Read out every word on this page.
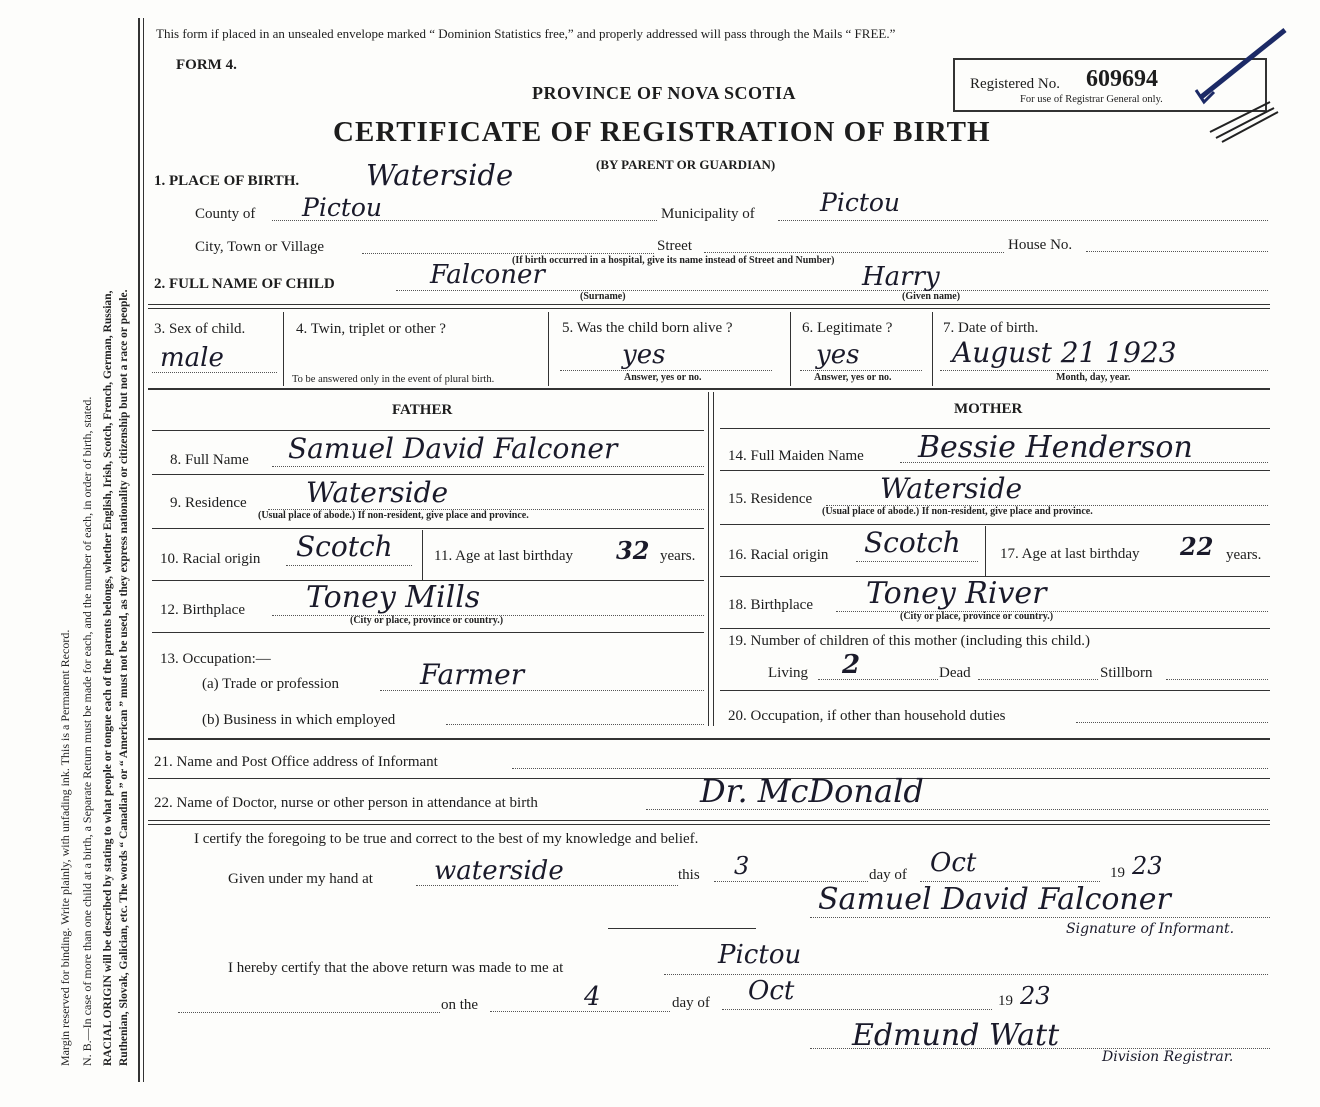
Margin reserved for binding. Write plainly, with unfading ink. This is a Permanent Record. N. B.—In case of more than one child at a birth, a Separate Return must be made for each, and the number of each, in order of birth, stated. RACIAL ORIGIN will be described by stating to what people or tongue each of the parents belongs, whether English, Irish, Scotch, French, German, Russian, Ruthenian, Slovak, Galician, etc. The words “ Canadian ” or “ American ” must not be used, as they express nationality or citizenship but not a race or people.
This form if placed in an unsealed envelope marked “ Dominion Statistics free,” and properly addressed will pass through the Mails “ FREE.”
FORM 4.
PROVINCE OF NOVA SCOTIA
CERTIFICATE OF REGISTRATION OF BIRTH
(BY PARENT OR GUARDIAN)
Registered No. 609694
For use of Registrar General only.
1. PLACE OF BIRTH. Waterside
County of Pictou	Municipality of	Pictou
City, Town or Village	Street	House No.
(If birth occurred in a hospital, give its name instead of Street and Number)
2. FULL NAME OF CHILD	Falconer
(Surname)
Harry
(Given name)
3. Sex of child.
male
4. Twin, triplet or other ?
To be answered only in the event of plural birth.
5. Was the child born alive ?
yes
Answer, yes or no.
6. Legitimate ?
yes
Answer, yes or no.
7. Date of birth.
August 21 1923
Month, day, year.
FATHER	MOTHER
8. Full Name Samuel David Falconer
9. Residence Waterside
(Usual place of abode.) If non-resident, give place and province.
10. Racial origin Scotch	11. Age at last birthday 32 years.
12. Birthplace Toney Mills
(City or place, province or country.)
13. Occupation:—
(a) Trade or profession	Farmer
(b) Business in which employed
14. Full Maiden Name Bessie Henderson
15. Residence Waterside
(Usual place of abode.) If non-resident, give place and province.
16. Racial origin Scotch	17. Age at last birthday 22 years.
18. Birthplace Toney River
(City or place, province or country.)
19. Number of children of this mother (including this child.)
Living 2	Dead	Stillborn
20. Occupation, if other than household duties
21. Name and Post Office address of Informant
22. Name of Doctor, nurse or other person in attendance at birth	Dr. McDonald
I certify the foregoing to be true and correct to the best of my knowledge and belief.
Given under my hand at waterside	this 3	day of Oct	19 23
Samuel David Falconer
Signature of Informant.
I hereby certify that the above return was made to me at	Pictou
on the	4	day of Oct	19 23
Edmund Watt
Division Registrar.
